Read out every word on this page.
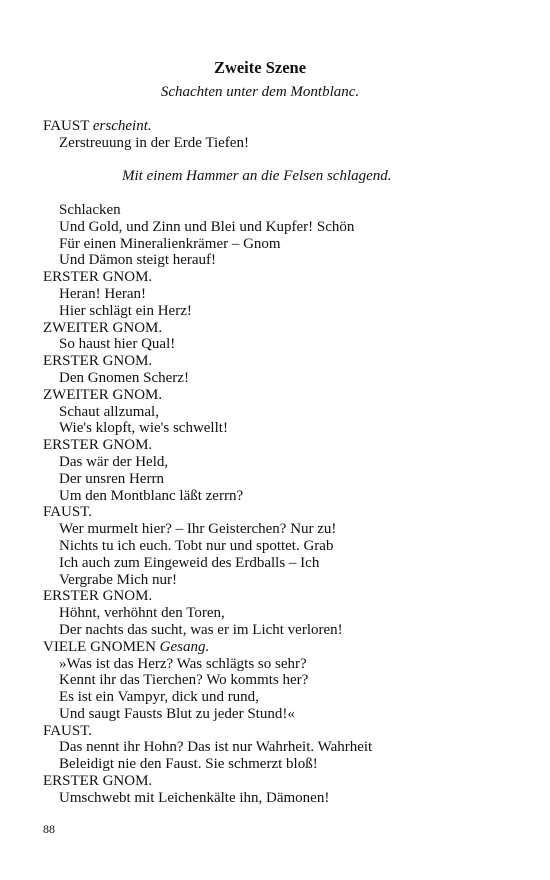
Zweite Szene
Schachten unter dem Montblanc.
FAUST erscheint.
Zerstreuung in der Erde Tiefen!
Mit einem Hammer an die Felsen schlagend.
Schlacken
Und Gold, und Zinn und Blei und Kupfer! Schön
Für einen Mineralienkrämer – Gnom
Und Dämon steigt herauf!
ERSTER GNOM.
Heran! Heran!
Hier schlägt ein Herz!
ZWEITER GNOM.
So haust hier Qual!
ERSTER GNOM.
Den Gnomen Scherz!
ZWEITER GNOM.
Schaut allzumal,
Wie's klopft, wie's schwellt!
ERSTER GNOM.
Das wär der Held,
Der unsren Herrn
Um den Montblanc läßt zerrn?
FAUST.
Wer murmelt hier? – Ihr Geisterchen? Nur zu!
Nichts tu ich euch. Tobt nur und spottet. Grab
Ich auch zum Eingeweid des Erdballs – Ich
Vergrabe Mich nur!
ERSTER GNOM.
Höhnt, verhöhnt den Toren,
Der nachts das sucht, was er im Licht verloren!
VIELE GNOMEN Gesang.
»Was ist das Herz? Was schlägts so sehr?
Kennt ihr das Tierchen? Wo kommts her?
Es ist ein Vampyr, dick und rund,
Und saugt Fausts Blut zu jeder Stund!«
FAUST.
Das nennt ihr Hohn? Das ist nur Wahrheit. Wahrheit
Beleidigt nie den Faust. Sie schmerzt bloß!
ERSTER GNOM.
Umschwebt mit Leichenkälte ihn, Dämonen!
88
